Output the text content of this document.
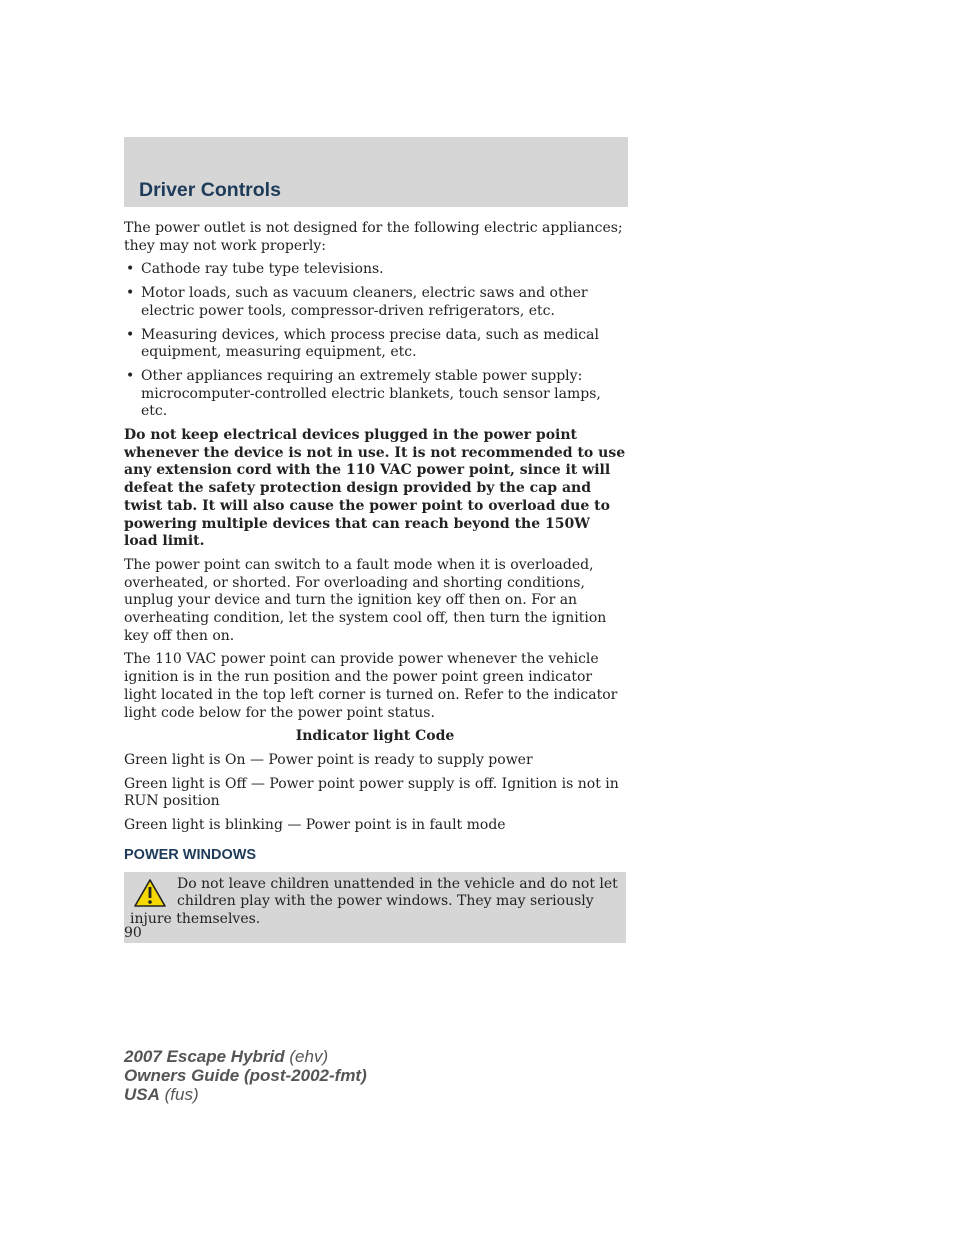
Driver Controls

The power outlet is not designed for the following electric appliances; they may not work properly:

• Cathode ray tube type televisions.
• Motor loads, such as vacuum cleaners, electric saws and other electric power tools, compressor-driven refrigerators, etc.
• Measuring devices, which process precise data, such as medical equipment, measuring equipment, etc.
• Other appliances requiring an extremely stable power supply: microcomputer-controlled electric blankets, touch sensor lamps, etc.

Do not keep electrical devices plugged in the power point whenever the device is not in use. It is not recommended to use any extension cord with the 110 VAC power point, since it will defeat the safety protection design provided by the cap and twist tab. It will also cause the power point to overload due to powering multiple devices that can reach beyond the 150W load limit.

The power point can switch to a fault mode when it is overloaded, overheated, or shorted. For overloading and shorting conditions, unplug your device and turn the ignition key off then on. For an overheating condition, let the system cool off, then turn the ignition key off then on.

The 110 VAC power point can provide power whenever the vehicle ignition is in the run position and the power point green indicator light located in the top left corner is turned on. Refer to the indicator light code below for the power point status.

Indicator light Code

Green light is On — Power point is ready to supply power

Green light is Off — Power point power supply is off. Ignition is not in RUN position

Green light is blinking — Power point is in fault mode

POWER WINDOWS

Do not leave children unattended in the vehicle and do not let children play with the power windows. They may seriously injure themselves.

90
2007 Escape Hybrid (ehv)
Owners Guide (post-2002-fmt)
USA (fus)
